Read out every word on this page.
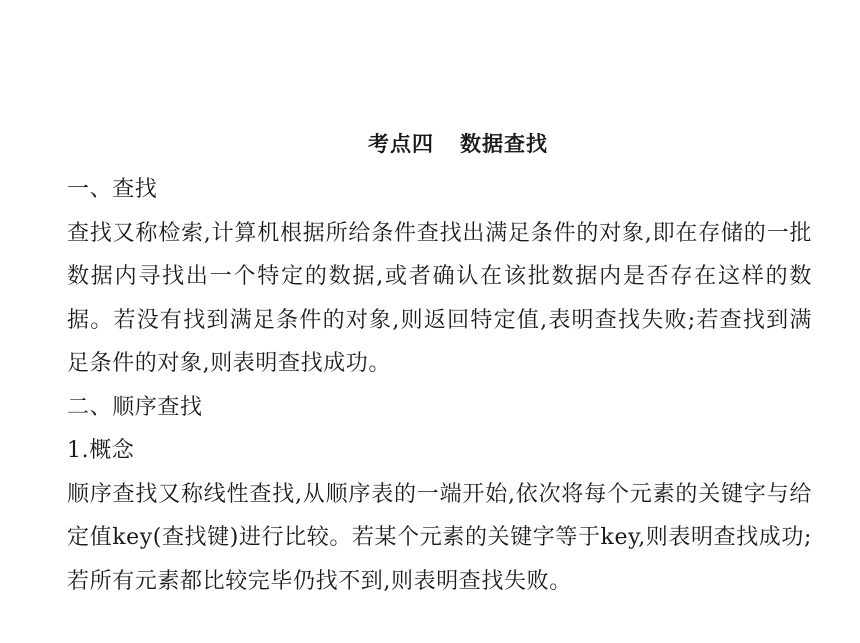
考点四 数据查找

一、查找

查找又称检索,计算机根据所给条件查找出满足条件的对象,即在存储的一批数据内寻找出一个特定的数据,或者确认在该批数据内是否存在这样的数据。若没有找到满足条件的对象,则返回特定值,表明查找失败;若查找到满足条件的对象,则表明查找成功。

二、顺序查找

1.概念

顺序查找又称线性查找,从顺序表的一端开始,依次将每个元素的关键字与给定值key(查找键)进行比较。若某个元素的关键字等于key,则表明查找成功;若所有元素都比较完毕仍找不到,则表明查找失败。
